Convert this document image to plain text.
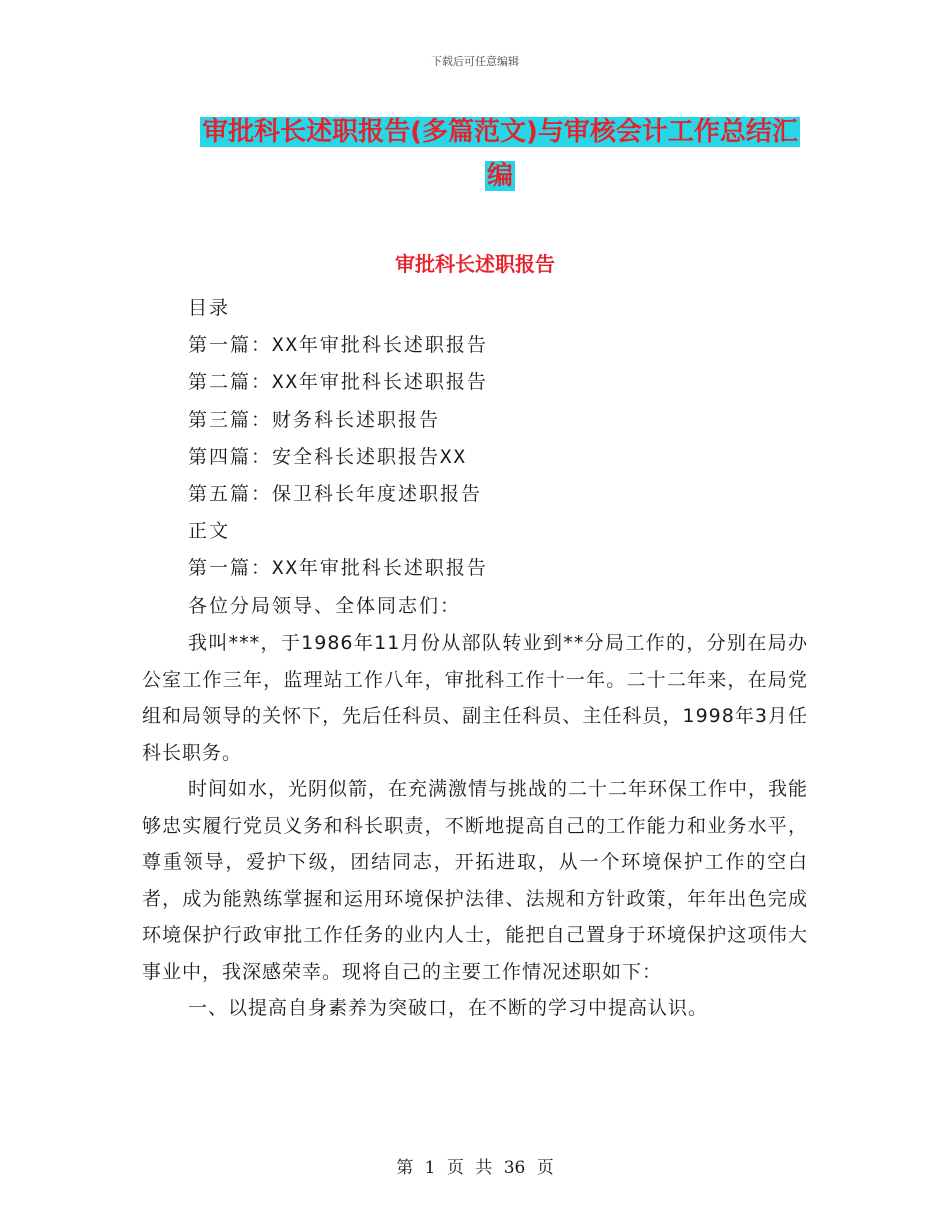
下载后可任意编辑
审批科长述职报告(多篇范文)与审核会计工作总结汇
编
审批科长述职报告
目录
第一篇：XX年审批科长述职报告
第二篇：XX年审批科长述职报告
第三篇：财务科长述职报告
第四篇：安全科长述职报告XX
第五篇：保卫科长年度述职报告
正文
第一篇：XX年审批科长述职报告
各位分局领导、全体同志们：

我叫***，于1986年11月份从部队转业到**分局工作的，分别在局办公室工作三年，监理站工作八年，审批科工作十一年。二十二年来，在局党组和局领导的关怀下，先后任科员、副主任科员、主任科员，1998年3月任科长职务。

时间如水，光阴似箭，在充满激情与挑战的二十二年环保工作中，我能够忠实履行党员义务和科长职责，不断地提高自己的工作能力和业务水平，尊重领导，爱护下级，团结同志，开拓进取，从一个环境保护工作的空白者，成为能熟练掌握和运用环境保护法律、法规和方针政策，年年出色完成环境保护行政审批工作任务的业内人士，能把自己置身于环境保护这项伟大事业中，我深感荣幸。现将自己的主要工作情况述职如下：

一、以提高自身素养为突破口，在不断的学习中提高认识。

第 1 页 共 36 页
